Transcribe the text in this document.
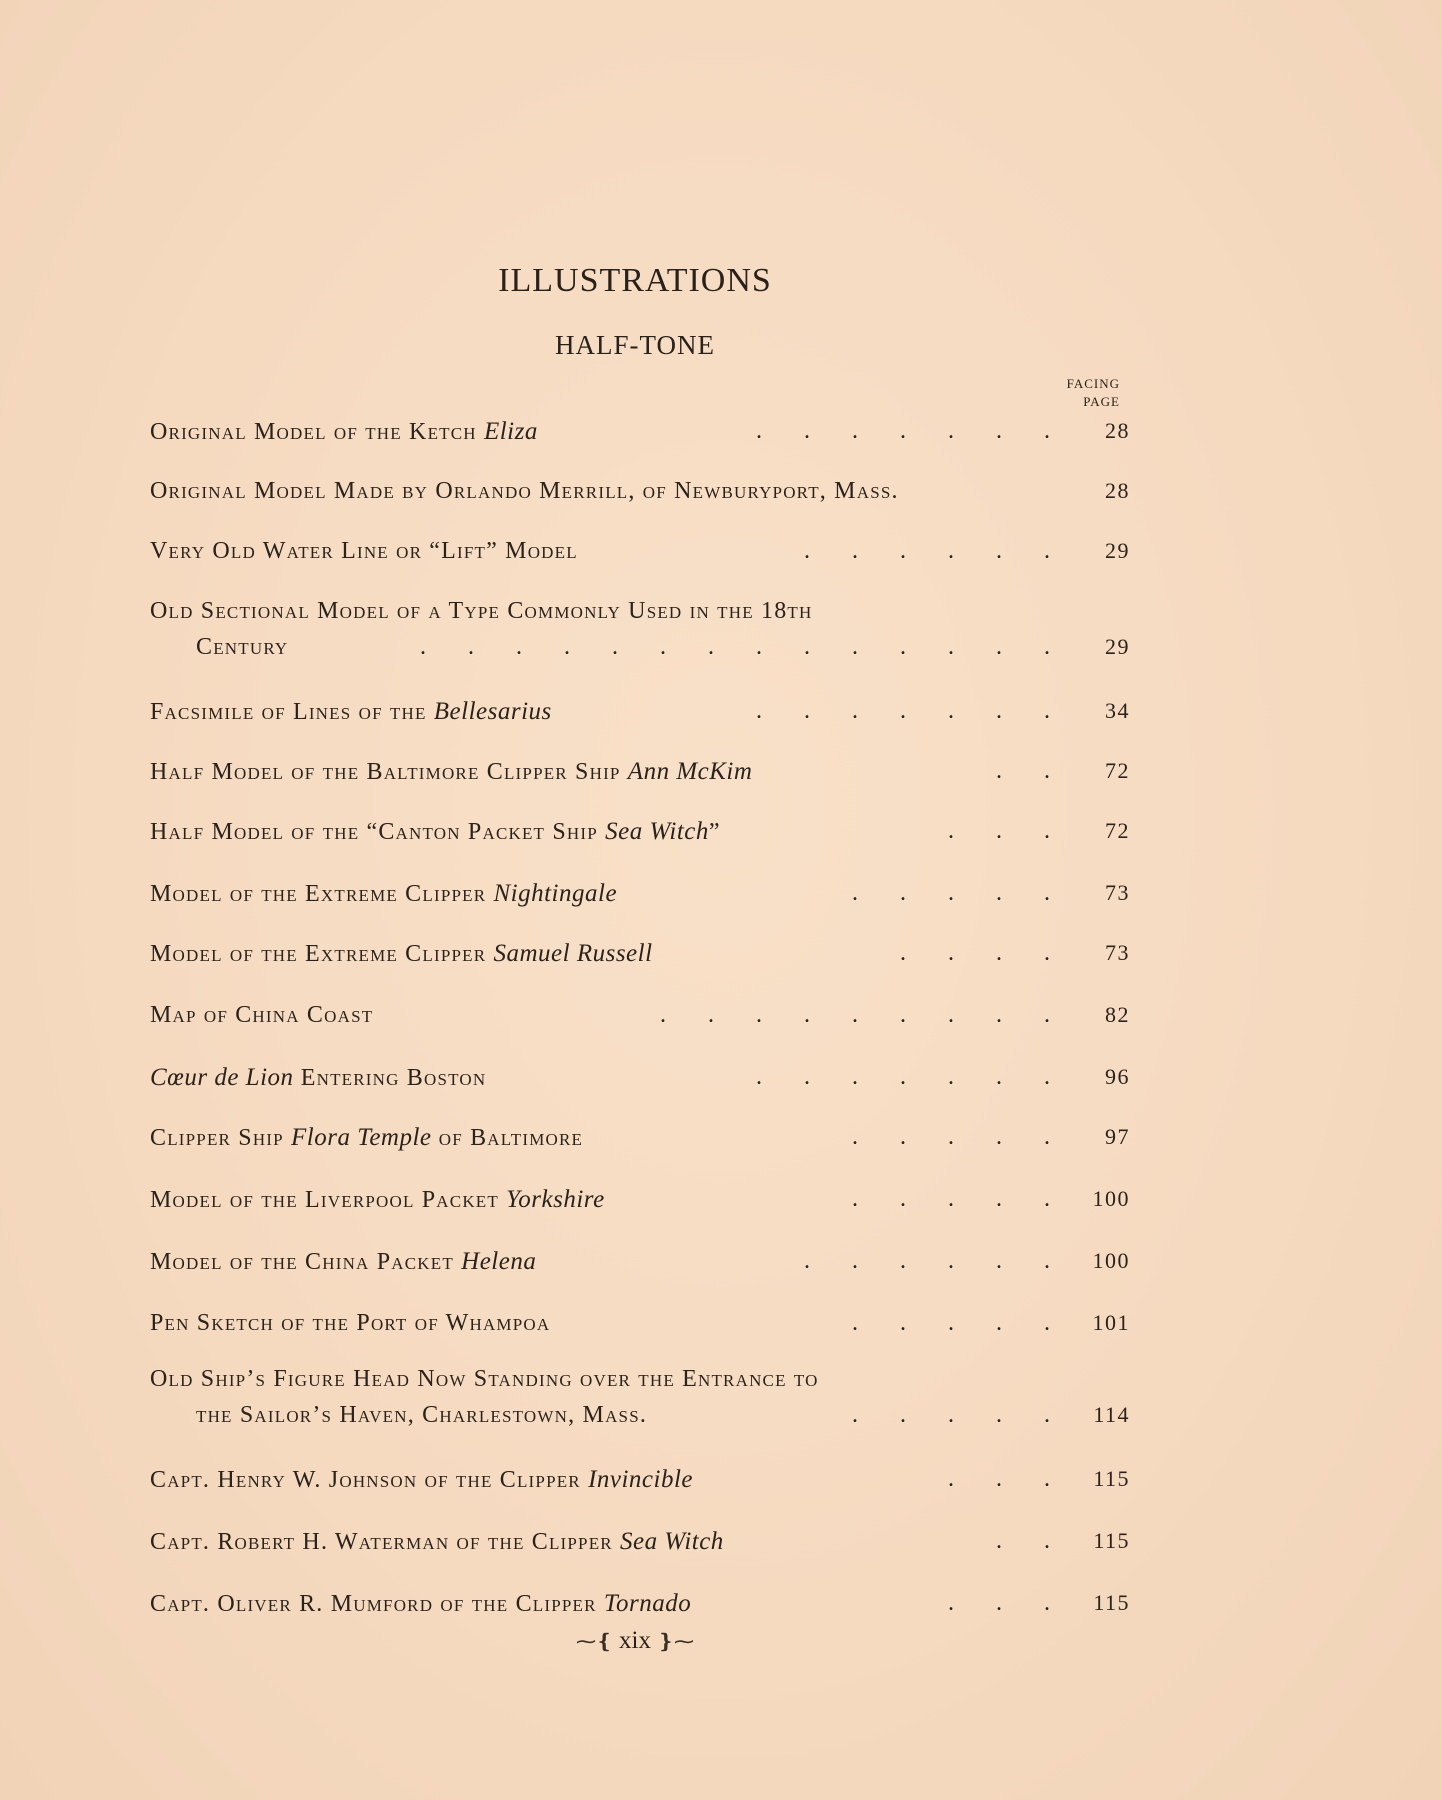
ILLUSTRATIONS
HALF-TONE
FACING
PAGE
Original Model of the Ketch Eliza	.       .       .       .       .       .       .	28
Original Model Made by Orlando Merrill, of Newburyport, Mass.	28
Very Old Water Line or “Lift” Model	.       .       .       .       .       .	29
Old Sectional Model of a Type Commonly Used in the 18th
Century	.       .       .       .       .       .       .       .       .       .       .       .       .       .	29
Facsimile of Lines of the Bellesarius	.       .       .       .       .       .       .	34
Half Model of the Baltimore Clipper Ship Ann McKim	.       .	72
Half Model of the “Canton Packet Ship Sea Witch”	.       .       .	72
Model of the Extreme Clipper Nightingale	.       .       .       .       .	73
Model of the Extreme Clipper Samuel Russell	.       .       .       .	73
Map of China Coast	.       .       .       .       .       .       .       .       .	82
Cœur de Lion Entering Boston	.       .       .       .       .       .       .	96
Clipper Ship Flora Temple of Baltimore	.       .       .       .       .	97
Model of the Liverpool Packet Yorkshire	.       .       .       .       .	100
Model of the China Packet Helena	.       .       .       .       .       .	100
Pen Sketch of the Port of Whampoa	.       .       .       .       .	101
Old Ship’s Figure Head Now Standing over the Entrance to
the Sailor’s Haven, Charlestown, Mass.	.       .       .       .       .	114
Capt. Henry W. Johnson of the Clipper Invincible	.       .       .	115
Capt. Robert H. Waterman of the Clipper Sea Witch	.       .	115
Capt. Oliver R. Mumford of the Clipper Tornado	.       .       .	115
⁓❴ xix ❵⁓
